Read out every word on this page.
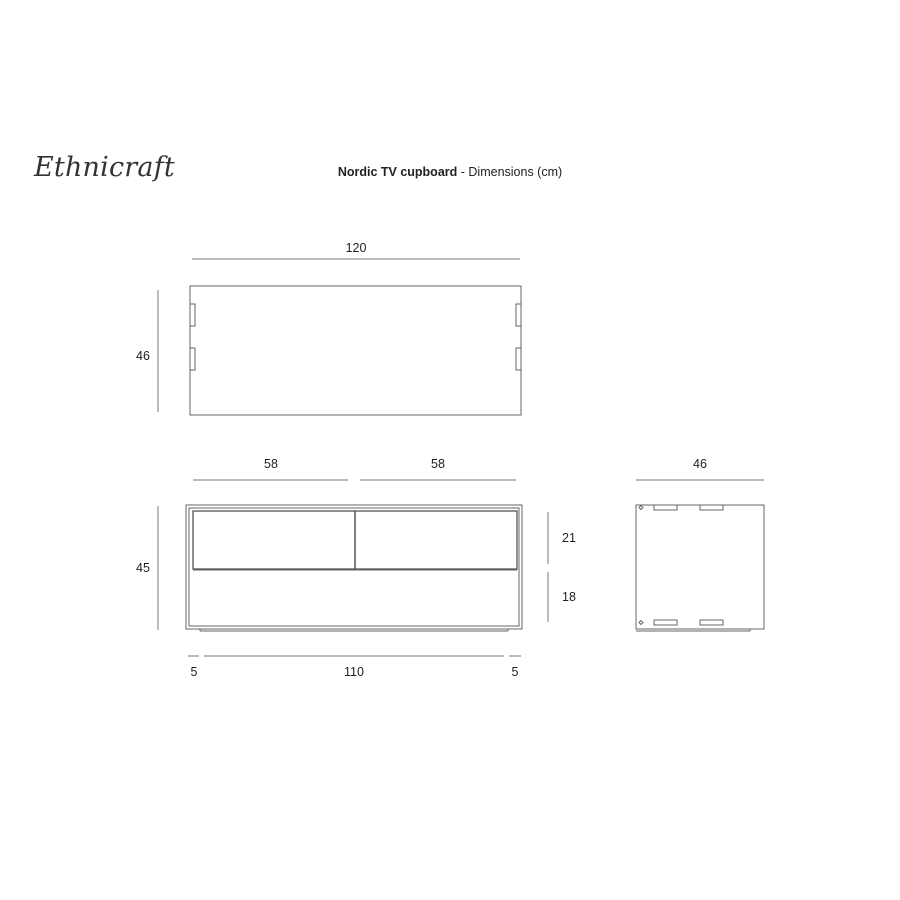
Ethnicraft	Nordic TV cupboard - Dimensions (cm)
120
46
58	58
45
21
18
5	110	5
46
